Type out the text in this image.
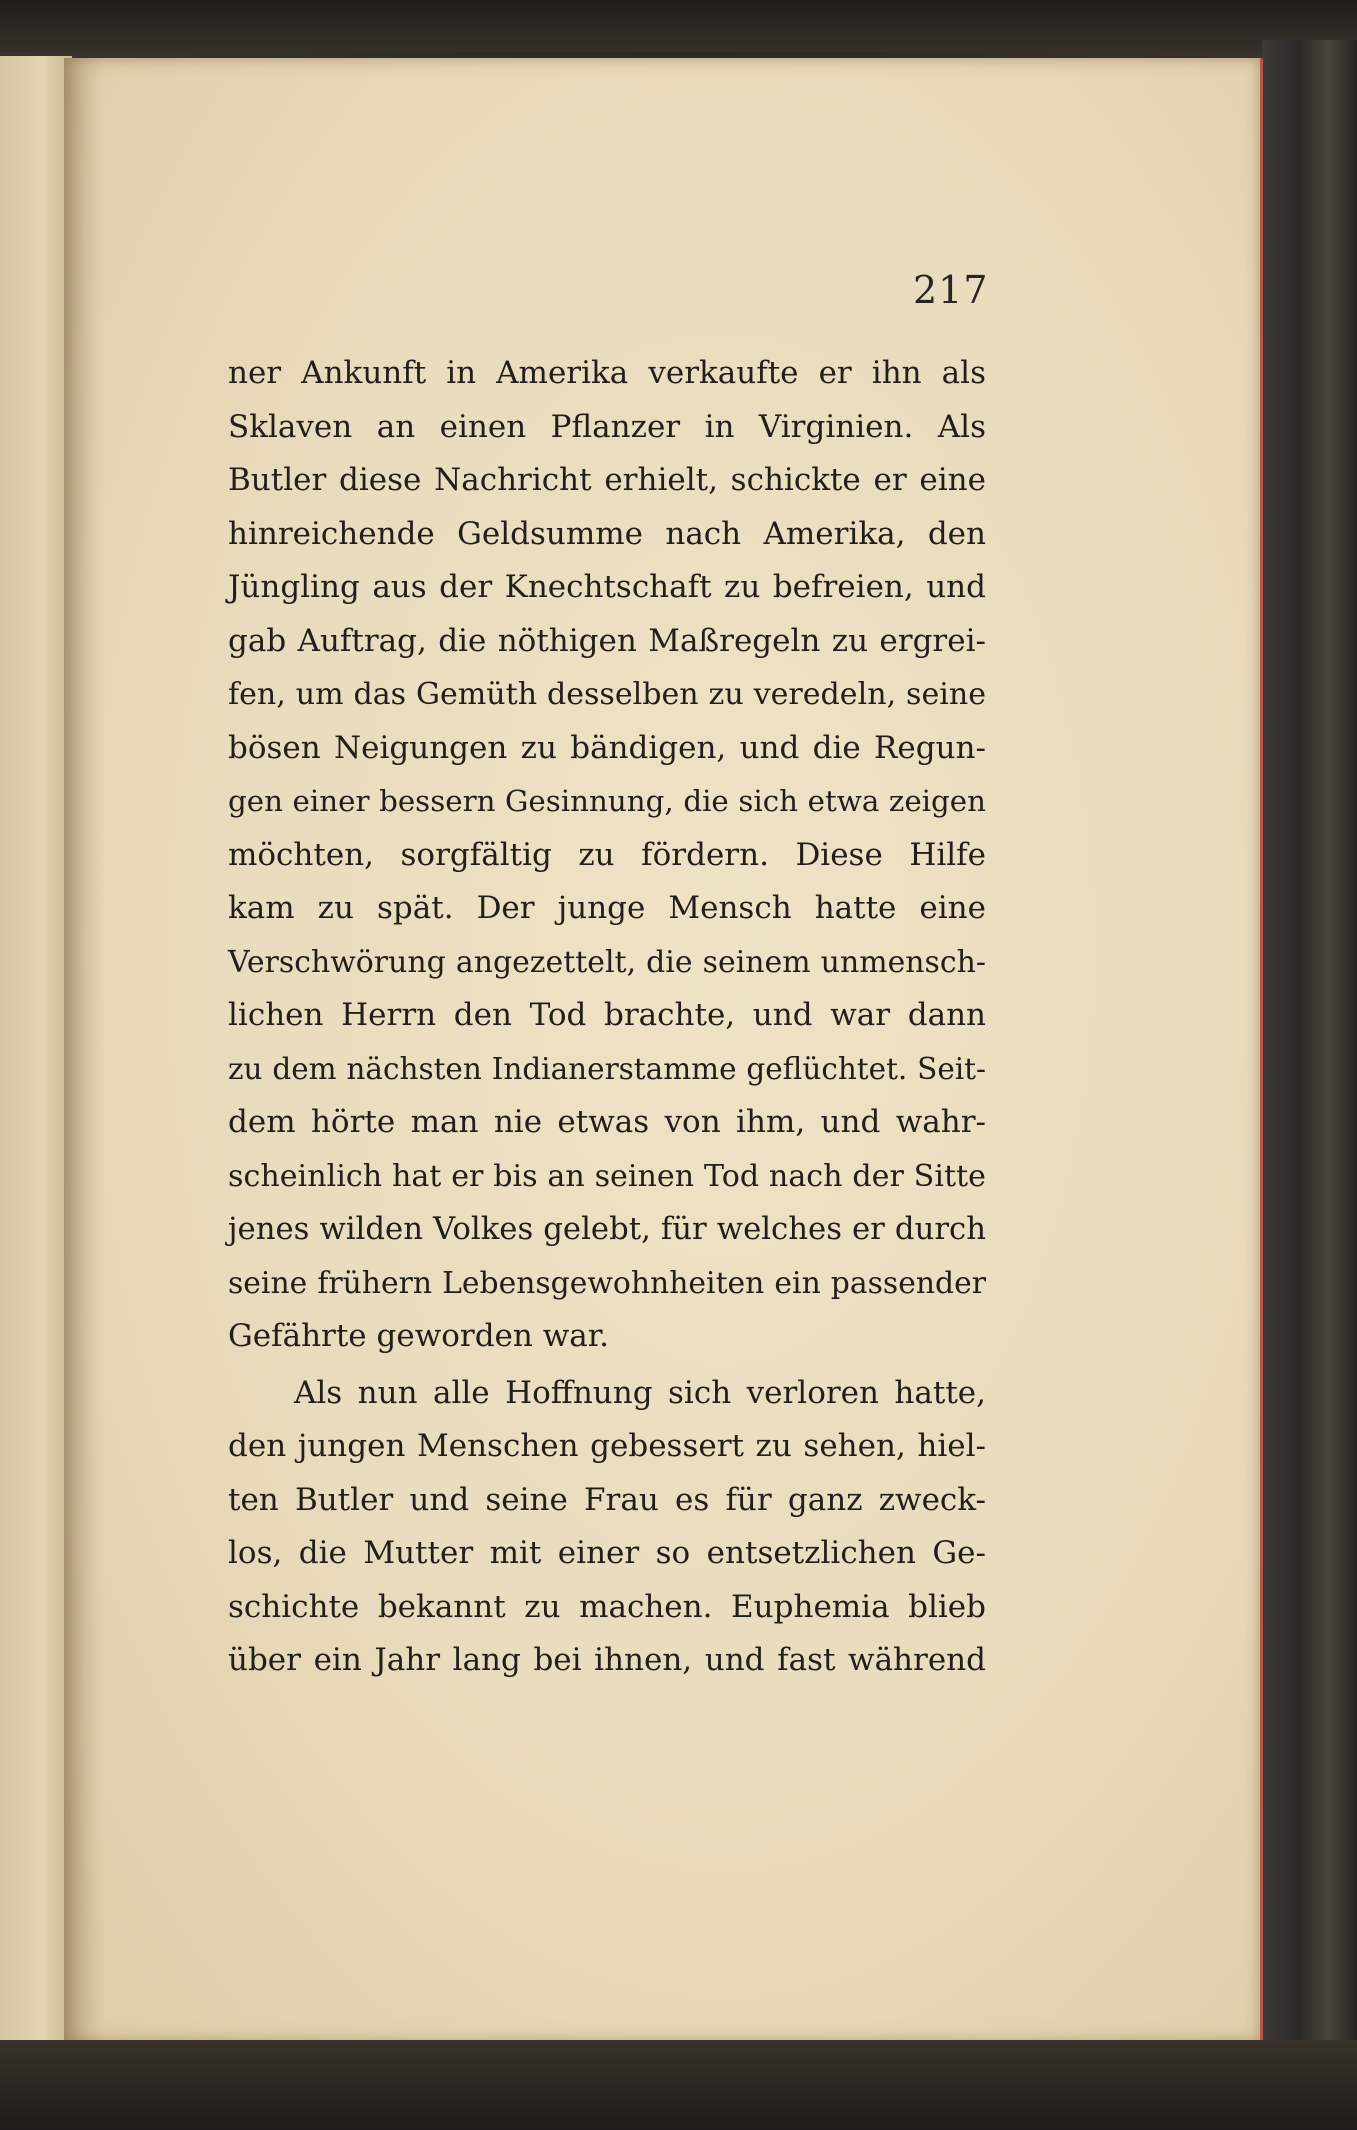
217

ner Ankunft in Amerika verkaufte er ihn als
Sklaven an einen Pflanzer in Virginien. Als
Butler diese Nachricht erhielt, schickte er eine
hinreichende Geldsumme nach Amerika, den
Jüngling aus der Knechtschaft zu befreien, und
gab Auftrag, die nöthigen Maßregeln zu ergrei-
fen, um das Gemüth desselben zu veredeln, seine
bösen Neigungen zu bändigen, und die Regun-
gen einer bessern Gesinnung, die sich etwa zeigen
möchten, sorgfältig zu fördern. Diese Hilfe
kam zu spät. Der junge Mensch hatte eine
Verschwörung angezettelt, die seinem unmensch-
lichen Herrn den Tod brachte, und war dann
zu dem nächsten Indianerstamme geflüchtet. Seit-
dem hörte man nie etwas von ihm, und wahr-
scheinlich hat er bis an seinen Tod nach der Sitte
jenes wilden Volkes gelebt, für welches er durch
seine frühern Lebensgewohnheiten ein passender
Gefährte geworden war.
Als nun alle Hoffnung sich verloren hatte,
den jungen Menschen gebessert zu sehen, hiel-
ten Butler und seine Frau es für ganz zweck-
los, die Mutter mit einer so entsetzlichen Ge-
schichte bekannt zu machen. Euphemia blieb
über ein Jahr lang bei ihnen, und fast während
